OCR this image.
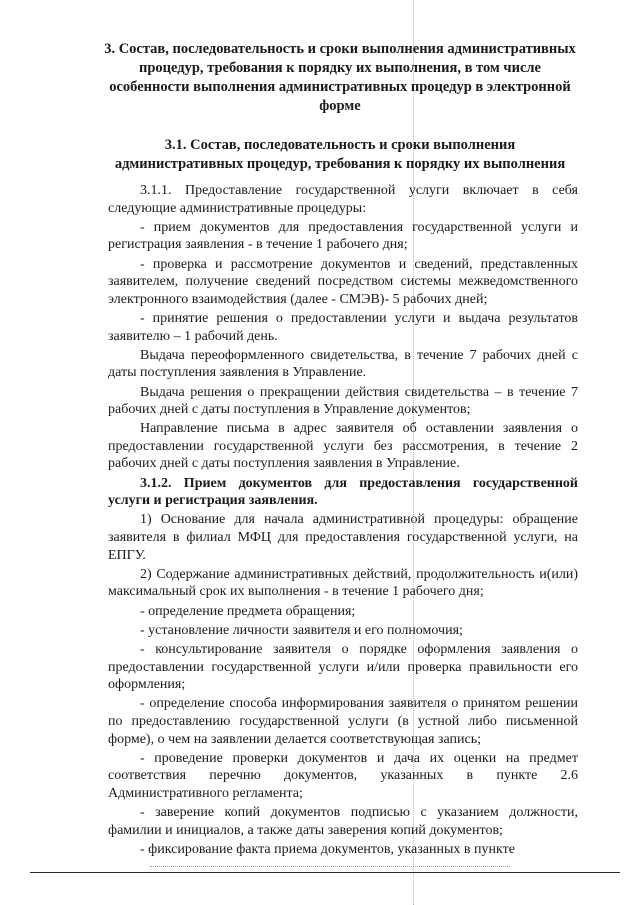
3. Состав, последовательность и сроки выполнения административных процедур, требования к порядку их выполнения, в том числе особенности выполнения административных процедур в электронной форме
3.1. Состав, последовательность и сроки выполнения административных процедур, требования к порядку их выполнения

3.1.1. Предоставление государственной услуги включает в себя следующие административные процедуры:

- прием документов для предоставления государственной услуги и регистрация заявления - в течение 1 рабочего дня;

- проверка и рассмотрение документов и сведений, представленных заявителем, получение сведений посредством системы межведомственного электронного взаимодействия (далее - СМЭВ)- 5 рабочих дней;

- принятие решения о предоставлении услуги и выдача результатов заявителю – 1 рабочий день.

Выдача переоформленного свидетельства, в течение 7 рабочих дней с даты поступления заявления в Управление.

Выдача решения о прекращении действия свидетельства – в течение 7 рабочих дней с даты поступления в Управление документов;

Направление письма в адрес заявителя об оставлении заявления о предоставлении государственной услуги без рассмотрения, в течение 2 рабочих дней с даты поступления заявления в Управление.

3.1.2. Прием документов для предоставления государственной услуги и регистрация заявления.

1) Основание для начала административной процедуры: обращение заявителя в филиал МФЦ для предоставления государственной услуги, на ЕПГУ.

2) Содержание административных действий, продолжительность и(или) максимальный срок их выполнения - в течение 1 рабочего дня;

- определение предмета обращения;

- установление личности заявителя и его полномочия;

- консультирование заявителя о порядке оформления заявления о предоставлении государственной услуги и/или проверка правильности его оформления;

- определение способа информирования заявителя о принятом решении по предоставлению государственной услуги (в устной либо письменной форме), о чем на заявлении делается соответствующая запись;

- проведение проверки документов и дача их оценки на предмет соответствия перечню документов, указанных в пункте 2.6 Административного регламента;

- заверение копий документов подписью с указанием должности, фамилии и инициалов, а также даты заверения копий документов;

- фиксирование факта приема документов, указанных в пункте
